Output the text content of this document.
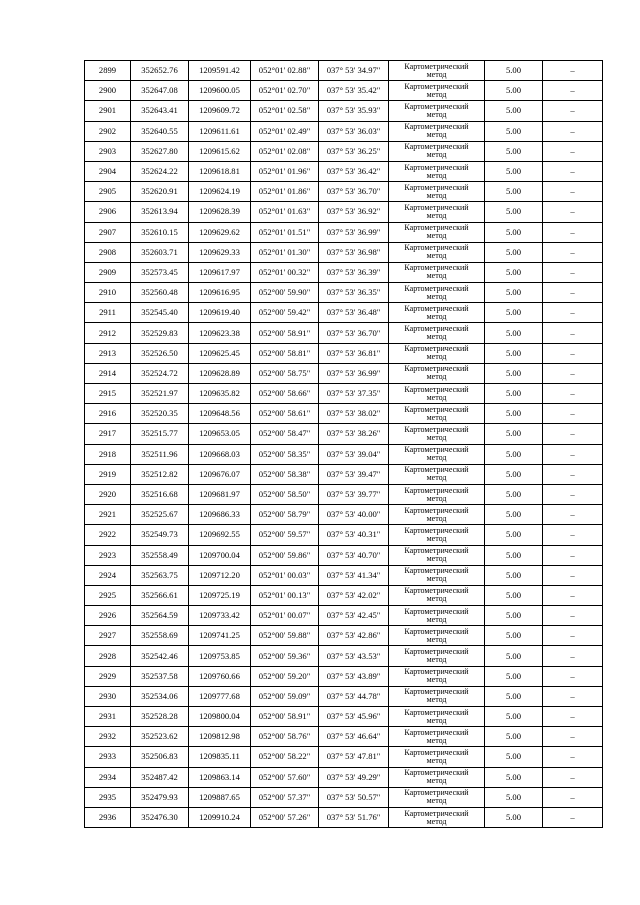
2899	352652.76	1209591.42	052°01' 02.88"	037° 53' 34.97"	Картометрический
метод	5.00	–
2900	352647.08	1209600.05	052°01' 02.70"	037° 53' 35.42"	Картометрический
метод	5.00	–
2901	352643.41	1209609.72	052°01' 02.58"	037° 53' 35.93"	Картометрический
метод	5.00	–
2902	352640.55	1209611.61	052°01' 02.49"	037° 53' 36.03"	Картометрический
метод	5.00	–
2903	352627.80	1209615.62	052°01' 02.08"	037° 53' 36.25"	Картометрический
метод	5.00	–
2904	352624.22	1209618.81	052°01' 01.96"	037° 53' 36.42"	Картометрический
метод	5.00	–
2905	352620.91	1209624.19	052°01' 01.86"	037° 53' 36.70"	Картометрический
метод	5.00	–
2906	352613.94	1209628.39	052°01' 01.63"	037° 53' 36.92"	Картометрический
метод	5.00	–
2907	352610.15	1209629.62	052°01' 01.51"	037° 53' 36.99"	Картометрический
метод	5.00	–
2908	352603.71	1209629.33	052°01' 01.30"	037° 53' 36.98"	Картометрический
метод	5.00	–
2909	352573.45	1209617.97	052°01' 00.32"	037° 53' 36.39"	Картометрический
метод	5.00	–
2910	352560.48	1209616.95	052°00' 59.90"	037° 53' 36.35"	Картометрический
метод	5.00	–
2911	352545.40	1209619.40	052°00' 59.42"	037° 53' 36.48"	Картометрический
метод	5.00	–
2912	352529.83	1209623.38	052°00' 58.91"	037° 53' 36.70"	Картометрический
метод	5.00	–
2913	352526.50	1209625.45	052°00' 58.81"	037° 53' 36.81"	Картометрический
метод	5.00	–
2914	352524.72	1209628.89	052°00' 58.75"	037° 53' 36.99"	Картометрический
метод	5.00	–
2915	352521.97	1209635.82	052°00' 58.66"	037° 53' 37.35"	Картометрический
метод	5.00	–
2916	352520.35	1209648.56	052°00' 58.61"	037° 53' 38.02"	Картометрический
метод	5.00	–
2917	352515.77	1209653.05	052°00' 58.47"	037° 53' 38.26"	Картометрический
метод	5.00	–
2918	352511.96	1209668.03	052°00' 58.35"	037° 53' 39.04"	Картометрический
метод	5.00	–
2919	352512.82	1209676.07	052°00' 58.38"	037° 53' 39.47"	Картометрический
метод	5.00	–
2920	352516.68	1209681.97	052°00' 58.50"	037° 53' 39.77"	Картометрический
метод	5.00	–
2921	352525.67	1209686.33	052°00' 58.79"	037° 53' 40.00"	Картометрический
метод	5.00	–
2922	352549.73	1209692.55	052°00' 59.57"	037° 53' 40.31"	Картометрический
метод	5.00	–
2923	352558.49	1209700.04	052°00' 59.86"	037° 53' 40.70"	Картометрический
метод	5.00	–
2924	352563.75	1209712.20	052°01' 00.03"	037° 53' 41.34"	Картометрический
метод	5.00	–
2925	352566.61	1209725.19	052°01' 00.13"	037° 53' 42.02"	Картометрический
метод	5.00	–
2926	352564.59	1209733.42	052°01' 00.07"	037° 53' 42.45"	Картометрический
метод	5.00	–
2927	352558.69	1209741.25	052°00' 59.88"	037° 53' 42.86"	Картометрический
метод	5.00	–
2928	352542.46	1209753.85	052°00' 59.36"	037° 53' 43.53"	Картометрический
метод	5.00	–
2929	352537.58	1209760.66	052°00' 59.20"	037° 53' 43.89"	Картометрический
метод	5.00	–
2930	352534.06	1209777.68	052°00' 59.09"	037° 53' 44.78"	Картометрический
метод	5.00	–
2931	352528.28	1209800.04	052°00' 58.91"	037° 53' 45.96"	Картометрический
метод	5.00	–
2932	352523.62	1209812.98	052°00' 58.76"	037° 53' 46.64"	Картометрический
метод	5.00	–
2933	352506.83	1209835.11	052°00' 58.22"	037° 53' 47.81"	Картометрический
метод	5.00	–
2934	352487.42	1209863.14	052°00' 57.60"	037° 53' 49.29"	Картометрический
метод	5.00	–
2935	352479.93	1209887.65	052°00' 57.37"	037° 53' 50.57"	Картометрический
метод	5.00	–
2936	352476.30	1209910.24	052°00' 57.26"	037° 53' 51.76"	Картометрический
метод	5.00	–
